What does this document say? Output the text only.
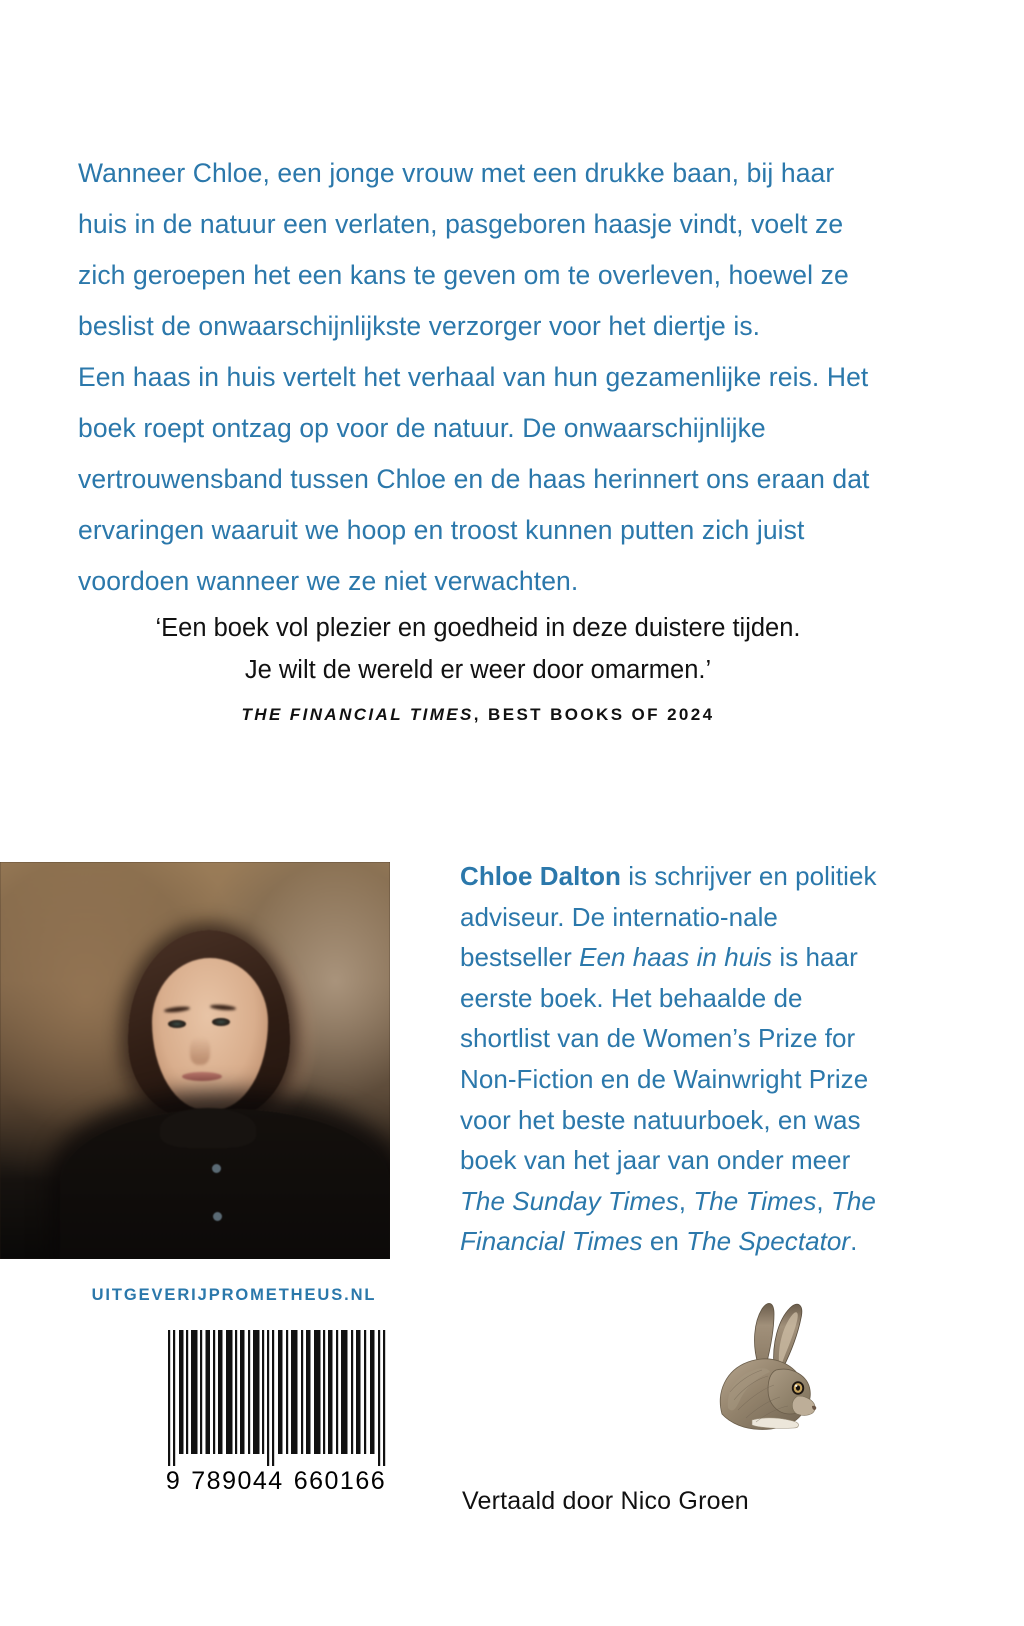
Wanneer Chloe, een jonge vrouw met een drukke baan, bij haar huis in de natuur een verlaten, pasgeboren haasje vindt, voelt ze zich geroepen het een kans te geven om te overleven, hoewel ze beslist de onwaarschijnlijkste verzorger voor het diertje is.

Een haas in huis vertelt het verhaal van hun gezamenlijke reis. Het boek roept ontzag op voor de natuur. De onwaarschijnlijke vertrouwensband tussen Chloe en de haas herinnert ons eraan dat ervaringen waaruit we hoop en troost kunnen putten zich juist voordoen wanneer we ze niet verwachten.

‘Een boek vol plezier en goedheid in deze duistere tijden.
Je wilt de wereld er weer door omarmen.’
THE FINANCIAL TIMES, BEST BOOKS OF 2024
UITGEVERIJPROMETHEUS.NL
9 789044 660166

Chloe Dalton is schrijver en politiek adviseur. De internatio-nale bestseller Een haas in huis is haar eerste boek. Het behaalde de shortlist van de Women’s Prize for Non-Fiction en de Wainwright Prize voor het beste natuurboek, en was boek van het jaar van onder meer The Sunday Times, The Times, The Financial Times en The Spectator.

Vertaald door Nico Groen
